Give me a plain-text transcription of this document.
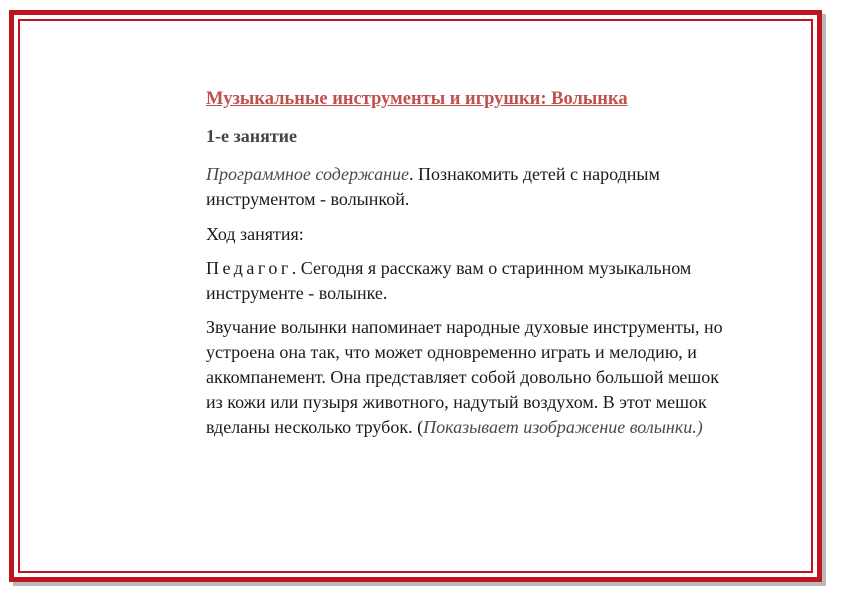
Музыкальные инструменты и игрушки: Волынка
1-е занятие
Программное содержание. Познакомить детей с народным инструментом - волынкой.
Ход занятия:
Педагог. Сегодня я расскажу вам о старинном музыкальном инструменте - волынке.
Звучание волынки напоминает народные духовые инструменты, но устроена она так, что может одновременно играть и мелодию, и аккомпанемент. Она представляет собой довольно большой мешок из кожи или пузыря животного, надутый воздухом. В этот мешок вделаны несколько трубок. (Показывает изображение волынки.)
